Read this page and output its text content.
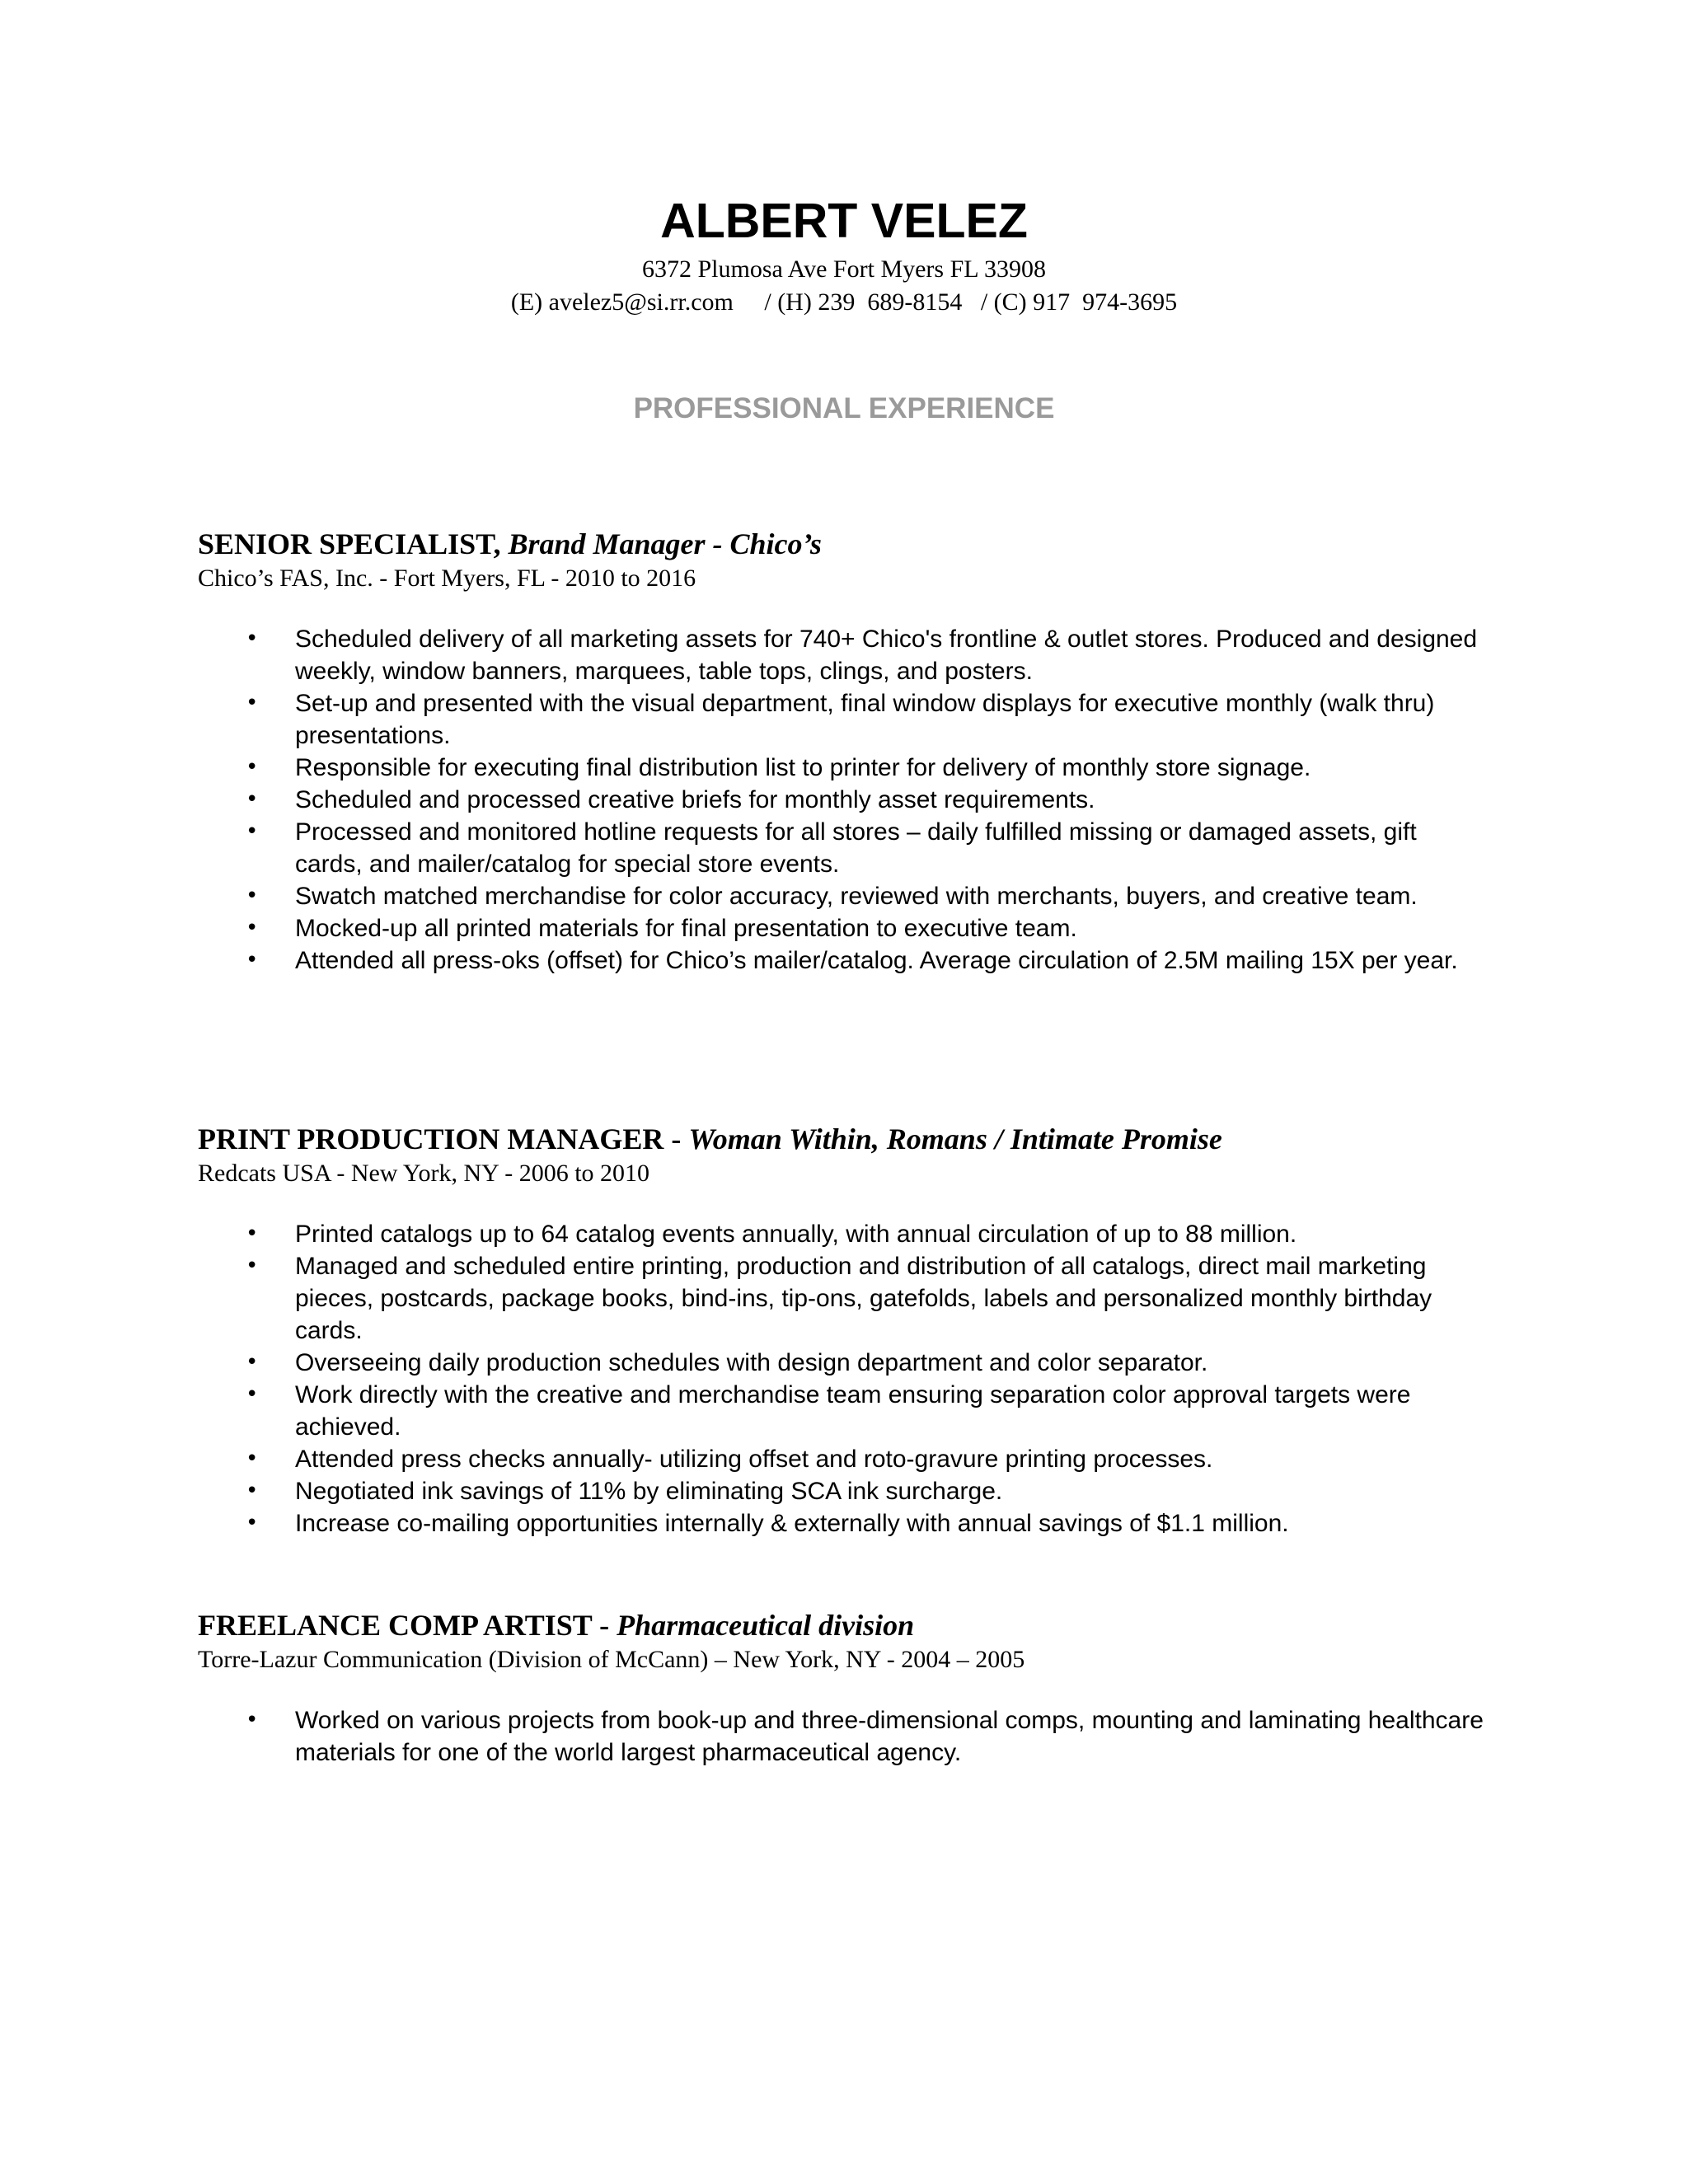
ALBERT VELEZ
6372 Plumosa Ave Fort Myers FL 33908
(E) avelez5@si.rr.com     / (H) 239  689-8154   / (C) 917  974-3695
PROFESSIONAL EXPERIENCE
SENIOR SPECIALIST, Brand Manager - Chico’s
Chico’s FAS, Inc. - Fort Myers, FL - 2010 to 2016
• Scheduled delivery of all marketing assets for 740+ Chico's frontline & outlet stores. Produced and designed weekly, window banners, marquees, table tops, clings, and posters.
• Set-up and presented with the visual department, final window displays for executive monthly (walk thru) presentations.
• Responsible for executing final distribution list to printer for delivery of monthly store signage.
• Scheduled and processed creative briefs for monthly asset requirements.
• Processed and monitored hotline requests for all stores – daily fulfilled missing or damaged assets, gift cards, and mailer/catalog for special store events.
• Swatch matched merchandise for color accuracy, reviewed with merchants, buyers, and creative team.
• Mocked-up all printed materials for final presentation to executive team.
• Attended all press-oks (offset) for Chico’s mailer/catalog. Average circulation of 2.5M mailing 15X per year.
PRINT PRODUCTION MANAGER - Woman Within, Romans / Intimate Promise
Redcats USA - New York, NY - 2006 to 2010
• Printed catalogs up to 64 catalog events annually, with annual circulation of up to 88 million.
• Managed and scheduled entire printing, production and distribution of all catalogs, direct mail marketing pieces, postcards, package books, bind-ins, tip-ons, gatefolds, labels and personalized monthly birthday cards.
• Overseeing daily production schedules with design department and color separator.
• Work directly with the creative and merchandise team ensuring separation color approval targets were achieved.
• Attended press checks annually- utilizing offset and roto-gravure printing processes.
• Negotiated ink savings of 11% by eliminating SCA ink surcharge.
• Increase co-mailing opportunities internally & externally with annual savings of $1.1 million.
FREELANCE COMP ARTIST - Pharmaceutical division
Torre-Lazur Communication (Division of McCann) – New York, NY - 2004 – 2005
• Worked on various projects from book-up and three-dimensional comps, mounting and laminating healthcare materials for one of the world largest pharmaceutical agency.
